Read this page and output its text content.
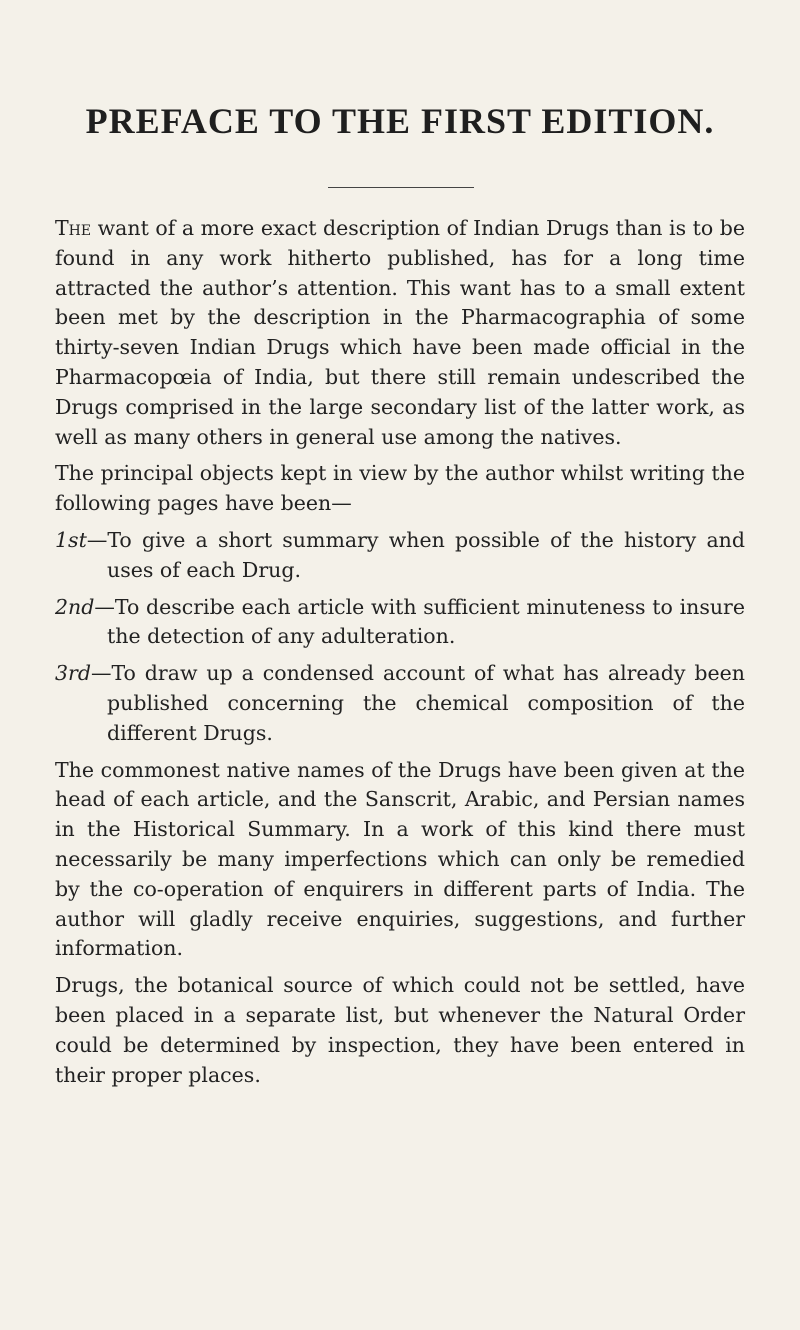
PREFACE TO THE FIRST EDITION.

The want of a more exact description of Indian Drugs than is to be found in any work hitherto published, has for a long time attracted the author’s attention. This want has to a small extent been met by the description in the Pharmacographia of some thirty-seven Indian Drugs which have been made official in the Pharmacopœia of India, but there still remain undescribed the Drugs comprised in the large secondary list of the latter work, as well as many others in general use among the natives.

The principal objects kept in view by the author whilst writing the following pages have been—

1st—To give a short summary when possible of the history and uses of each Drug.
2nd—To describe each article with sufficient minuteness to insure the detection of any adulteration.
3rd—To draw up a condensed account of what has already been published concerning the chemical composition of the different Drugs.

The commonest native names of the Drugs have been given at the head of each article, and the Sanscrit, Arabic, and Persian names in the Historical Summary. In a work of this kind there must necessarily be many imperfections which can only be remedied by the co-operation of enquirers in different parts of India. The author will gladly receive enquiries, suggestions, and further information.

Drugs, the botanical source of which could not be settled, have been placed in a separate list, but whenever the Natural Order could be determined by inspection, they have been entered in their proper places.
